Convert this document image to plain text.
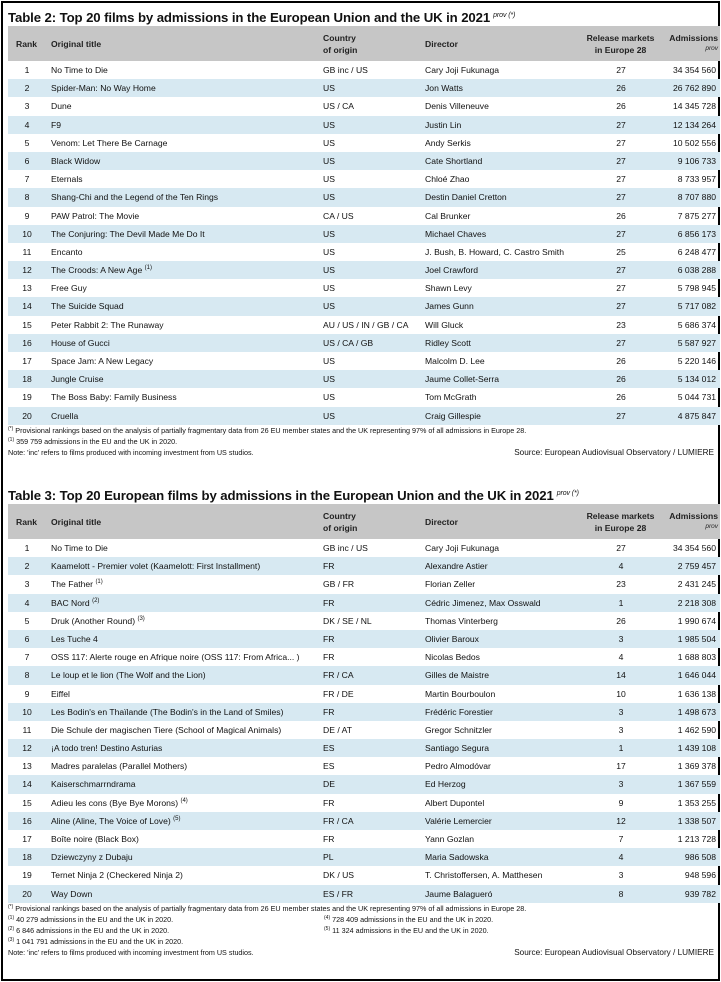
Table 2: Top 20 films by admissions in the European Union and the UK in 2021 $^{prov (*)}$
Rank Original title
Country
of origin
Director
Release markets
in Europe 28
Admissions
prov
1	No Time to Die	GB inc / US	Cary Joji Fukunaga	27	34 354 560
2	Spider-Man: No Way Home	US	Jon Watts	26	26 762 890
3	Dune	US / CA	Denis Villeneuve	26	14 345 728
4	F9	US	Justin Lin	27	12 134 264
5	Venom: Let There Be Carnage	US	Andy Serkis	27	10 502 556
6	Black Widow	US	Cate Shortland	27	9 106 733
7	Eternals	US	Chloé Zhao	27	8 733 957
8	Shang-Chi and the Legend of the Ten Rings	US	Destin Daniel Cretton	27	8 707 880
9	PAW Patrol: The Movie	CA / US	Cal Brunker	26	7 875 277
10	The Conjuring: The Devil Made Me Do It	US	Michael Chaves	27	6 856 173
11	Encanto	US	J. Bush, B. Howard, C. Castro Smith	25	6 248 477
12	The Croods: A New Age $^{(1)}$	US	Joel Crawford	27	6 038 288
13	Free Guy	US	Shawn Levy	27	5 798 945
14	The Suicide Squad	US	James Gunn	27	5 717 082
15	Peter Rabbit 2: The Runaway	AU / US / IN / GB / CA Will Gluck	23	5 686 374
16	House of Gucci	US / CA / GB	Ridley Scott	27	5 587 927
17	Space Jam: A New Legacy	US	Malcolm D. Lee	26	5 220 146
18	Jungle Cruise	US	Jaume Collet-Serra	26	5 134 012
19	The Boss Baby: Family Business	US	Tom McGrath	26	5 044 731
20	Cruella	US	Craig Gillespie	27	4 875 847
(*) Provisional rankings based on the analysis of partially fragmentary data from 26 EU member states and the UK representing 97% of all admissions in Europe 28.
$^{(1)}$ 359 759 admissions in the EU and the UK in 2020.
Note: 'inc' refers to films produced with incoming investment from US studios.	Source: European Audiovisual Observatory / LUMIERE
Table 3: Top 20 European films by admissions in the European Union and the UK in 2021 $^{prov (*)}$
Rank Original title
Country
of origin
Director
Release markets
in Europe 28
Admissions
prov
1	No Time to Die	GB inc / US	Cary Joji Fukunaga	27	34 354 560
2	Kaamelott - Premier volet (Kaamelott: First Installment)	FR	Alexandre Astier	4	2 759 457
3	The Father $^{(1)}$	GB / FR	Florian Zeller	23	2 431 245
4	BAC Nord $^{(2)}$	FR	Cédric Jimenez, Max Osswald	1	2 218 308
5	Druk (Another Round) $^{(3)}$	DK / SE / NL	Thomas Vinterberg	26	1 990 674
6	Les Tuche 4	FR	Olivier Baroux	3	1 985 504
7	OSS 117: Alerte rouge en Afrique noire (OSS 117: From Africa... )	FR	Nicolas Bedos	4	1 688 803
8	Le loup et le lion (The Wolf and the Lion)	FR / CA	Gilles de Maistre	14	1 646 044
9	Eiffel	FR / DE	Martin Bourboulon	10	1 636 138
10	Les Bodin's en Thaïlande (The Bodin's in the Land of Smiles)	FR	Frédéric Forestier	3	1 498 673
11	Die Schule der magischen Tiere (School of Magical Animals)	DE / AT	Gregor Schnitzler	3	1 462 590
12	¡A todo tren! Destino Asturias	ES	Santiago Segura	1	1 439 108
13	Madres paralelas (Parallel Mothers)	ES	Pedro Almodóvar	17	1 369 378
14	Kaiserschmarrndrama	DE	Ed Herzog	3	1 367 559
15	Adieu les cons (Bye Bye Morons) $^{(4)}$	FR	Albert Dupontel	9	1 353 255
16	Aline (Aline, The Voice of Love) $^{(5)}$	FR / CA	Valérie Lemercier	12	1 338 507
17	Boîte noire (Black Box)	FR	Yann Gozlan	7	1 213 728
18	Dziewczyny z Dubaju	PL	Maria Sadowska	4	986 508
19	Ternet Ninja 2 (Checkered Ninja 2)	DK / US	T. Christoffersen, A. Matthesen	3	948 596
20	Way Down	ES / FR	Jaume Balagueró	8	939 782
(*) Provisional rankings based on the analysis of partially fragmentary data from 26 EU member states and the UK representing 97% of all admissions in Europe 28.
$^{(1)}$ 40 279 admissions in the EU and the UK in 2020.	$^{(4)}$ 728 409 admissions in the EU and the UK in 2020.
$^{(2)}$ 6 846 admissions in the EU and the UK in 2020.	$^{(5)}$ 11 324 admissions in the EU and the UK in 2020.
$^{(3)}$ 1 041 791 admissions in the EU and the UK in 2020.
Note: 'inc' refers to films produced with incoming investment from US studios.	Source: European Audiovisual Observatory / LUMIERE
